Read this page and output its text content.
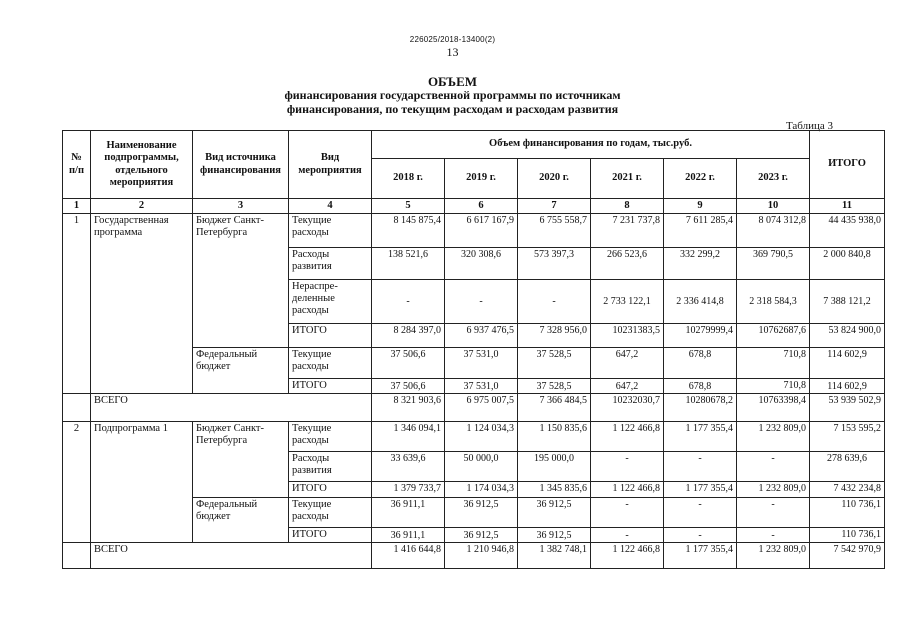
226025/2018-13400(2)
13
ОБЪЕМ
финансирования государственной программы по источникам
финансирования, по текущим расходам и расходам развития
Таблица 3
№ п/п	Наименование подпрограммы, отдельного мероприятия	Вид источника финансирования	Вид мероприятия	Объем финансирования по годам, тыс.руб.						ИТОГО
				2018 г.	2019 г.	2020 г.	2021 г.	2022 г.	2023 г.	
1	2	3	4	5	6	7	8	9	10	11
1	Государственная программа	Бюджет Санкт-Петербурга	Текущие расходы	8 145 875,4	6 617 167,9	6 755 558,7	7 231 737,8	7 611 285,4	8 074 312,8	44 435 938,0
			Расходы развития	138 521,6	320 308,6	573 397,3	266 523,6	332 299,2	369 790,5	2 000 840,8
			Нераспре-деленные расходы	-	-	-	2 733 122,1	2 336 414,8	2 318 584,3	7 388 121,2
			ИТОГО	8 284 397,0	6 937 476,5	7 328 956,0	10231383,5	10279999,4	10762687,6	53 824 900,0
		Федеральный бюджет	Текущие расходы	37 506,6	37 531,0	37 528,5	647,2	678,8	710,8	114 602,9
			ИТОГО	37 506,6	37 531,0	37 528,5	647,2	678,8	710,8	114 602,9
	ВСЕГО			8 321 903,6	6 975 007,5	7 366 484,5	10232030,7	10280678,2	10763398,4	53 939 502,9
2	Подпрограмма 1	Бюджет Санкт-Петербурга	Текущие расходы	1 346 094,1	1 124 034,3	1 150 835,6	1 122 466,8	1 177 355,4	1 232 809,0	7 153 595,2
			Расходы развития	33 639,6	50 000,0	195 000,0	-	-	-	278 639,6
			ИТОГО	1 379 733,7	1 174 034,3	1 345 835,6	1 122 466,8	1 177 355,4	1 232 809,0	7 432 234,8
		Федеральный бюджет	Текущие расходы	36 911,1	36 912,5	36 912,5	-	-	-	110 736,1
			ИТОГО	36 911,1	36 912,5	36 912,5	-	-	-	110 736,1
	ВСЕГО			1 416 644,8	1 210 946,8	1 382 748,1	1 122 466,8	1 177 355,4	1 232 809,0	7 542 970,9
